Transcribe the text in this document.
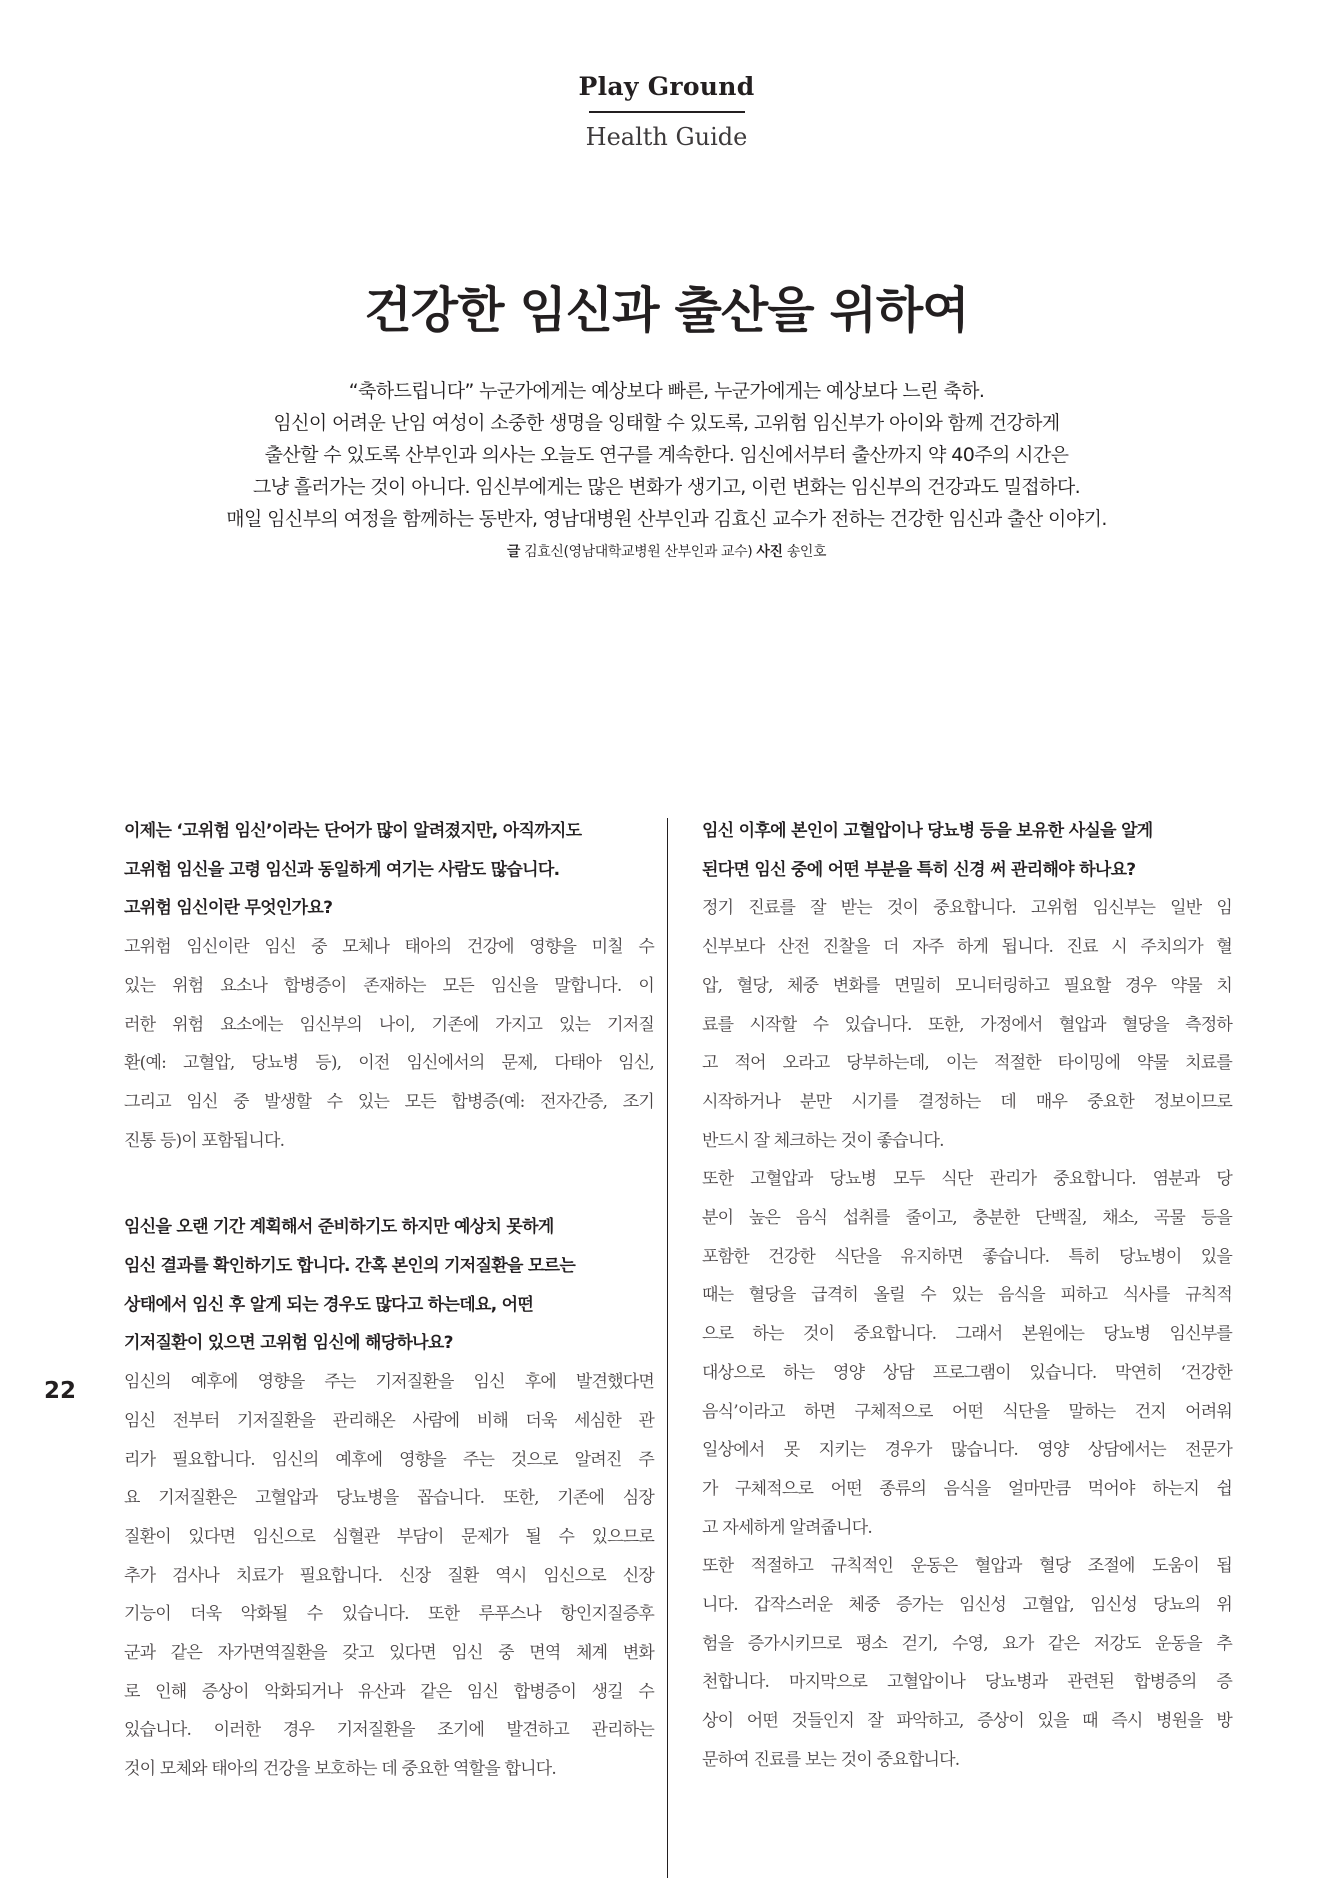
Play Ground
Health Guide
건강한 임신과 출산을 위하여
“축하드립니다” 누군가에게는 예상보다 빠른, 누군가에게는 예상보다 느린 축하.
임신이 어려운 난임 여성이 소중한 생명을 잉태할 수 있도록, 고위험 임신부가 아이와 함께 건강하게
출산할 수 있도록 산부인과 의사는 오늘도 연구를 계속한다. 임신에서부터 출산까지 약 40주의 시간은
그냥 흘러가는 것이 아니다. 임신부에게는 많은 변화가 생기고, 이런 변화는 임신부의 건강과도 밀접하다.
매일 임신부의 여정을 함께하는 동반자, 영남대병원 산부인과 김효신 교수가 전하는 건강한 임신과 출산 이야기.
글 김효신(영남대학교병원 산부인과 교수) 사진 송인호

이제는 ‘고위험 임신’이라는 단어가 많이 알려졌지만, 아직까지도

고위험 임신을 고령 임신과 동일하게 여기는 사람도 많습니다.

고위험 임신이란 무엇인가요?

고위험 임신이란 임신 중 모체나 태아의 건강에 영향을 미칠 수

있는 위험 요소나 합병증이 존재하는 모든 임신을 말합니다. 이

러한 위험 요소에는 임신부의 나이, 기존에 가지고 있는 기저질

환(예: 고혈압, 당뇨병 등), 이전 임신에서의 문제, 다태아 임신,

그리고 임신 중 발생할 수 있는 모든 합병증(예: 전자간증, 조기

진통 등)이 포함됩니다.

임신을 오랜 기간 계획해서 준비하기도 하지만 예상치 못하게

임신 결과를 확인하기도 합니다. 간혹 본인의 기저질환을 모르는

상태에서 임신 후 알게 되는 경우도 많다고 하는데요, 어떤

기저질환이 있으면 고위험 임신에 해당하나요?

임신의 예후에 영향을 주는 기저질환을 임신 후에 발견했다면

임신 전부터 기저질환을 관리해온 사람에 비해 더욱 세심한 관

리가 필요합니다. 임신의 예후에 영향을 주는 것으로 알려진 주

요 기저질환은 고혈압과 당뇨병을 꼽습니다. 또한, 기존에 심장

질환이 있다면 임신으로 심혈관 부담이 문제가 될 수 있으므로

추가 검사나 치료가 필요합니다. 신장 질환 역시 임신으로 신장

기능이 더욱 악화될 수 있습니다. 또한 루푸스나 항인지질증후

군과 같은 자가면역질환을 갖고 있다면 임신 중 면역 체계 변화

로 인해 증상이 악화되거나 유산과 같은 임신 합병증이 생길 수

있습니다. 이러한 경우 기저질환을 조기에 발견하고 관리하는

것이 모체와 태아의 건강을 보호하는 데 중요한 역할을 합니다.

임신 이후에 본인이 고혈압이나 당뇨병 등을 보유한 사실을 알게

된다면 임신 중에 어떤 부분을 특히 신경 써 관리해야 하나요?

정기 진료를 잘 받는 것이 중요합니다. 고위험 임신부는 일반 임

신부보다 산전 진찰을 더 자주 하게 됩니다. 진료 시 주치의가 혈

압, 혈당, 체중 변화를 면밀히 모니터링하고 필요할 경우 약물 치

료를 시작할 수 있습니다. 또한, 가정에서 혈압과 혈당을 측정하

고 적어 오라고 당부하는데, 이는 적절한 타이밍에 약물 치료를

시작하거나 분만 시기를 결정하는 데 매우 중요한 정보이므로

반드시 잘 체크하는 것이 좋습니다.

또한 고혈압과 당뇨병 모두 식단 관리가 중요합니다. 염분과 당

분이 높은 음식 섭취를 줄이고, 충분한 단백질, 채소, 곡물 등을

포함한 건강한 식단을 유지하면 좋습니다. 특히 당뇨병이 있을

때는 혈당을 급격히 올릴 수 있는 음식을 피하고 식사를 규칙적

으로 하는 것이 중요합니다. 그래서 본원에는 당뇨병 임신부를

대상으로 하는 영양 상담 프로그램이 있습니다. 막연히 ‘건강한

음식’이라고 하면 구체적으로 어떤 식단을 말하는 건지 어려워

일상에서 못 지키는 경우가 많습니다. 영양 상담에서는 전문가

가 구체적으로 어떤 종류의 음식을 얼마만큼 먹어야 하는지 쉽

고 자세하게 알려줍니다.

또한 적절하고 규칙적인 운동은 혈압과 혈당 조절에 도움이 됩

니다. 갑작스러운 체중 증가는 임신성 고혈압, 임신성 당뇨의 위

험을 증가시키므로 평소 걷기, 수영, 요가 같은 저강도 운동을 추

천합니다. 마지막으로 고혈압이나 당뇨병과 관련된 합병증의 증

상이 어떤 것들인지 잘 파악하고, 증상이 있을 때 즉시 병원을 방

문하여 진료를 보는 것이 중요합니다.

22
